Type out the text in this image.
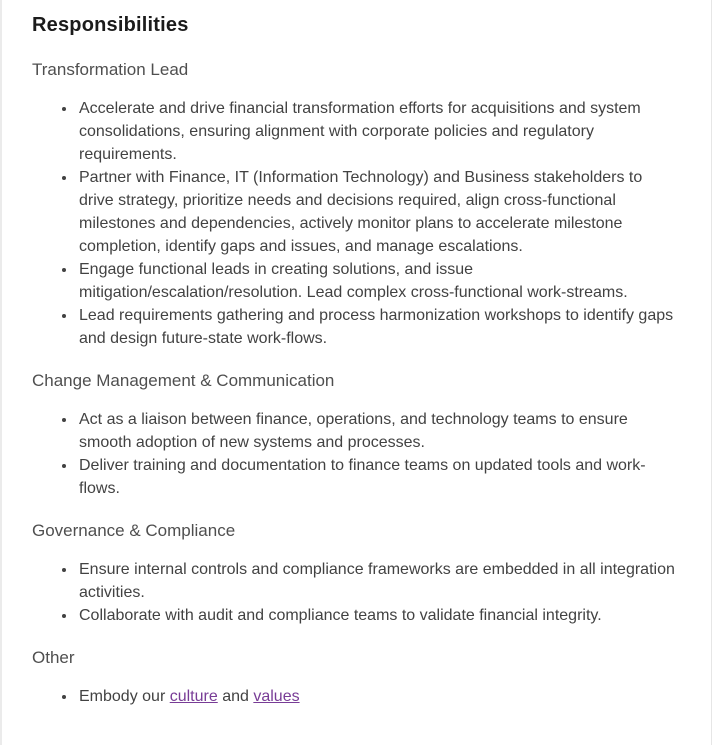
Responsibilities

Transformation Lead

• Accelerate and drive financial transformation efforts for acquisitions and system consolidations, ensuring alignment with corporate policies and regulatory requirements.
• Partner with Finance, IT (Information Technology) and Business stakeholders to drive strategy, prioritize needs and decisions required, align cross-functional milestones and dependencies, actively monitor plans to accelerate milestone completion, identify gaps and issues, and manage escalations.
• Engage functional leads in creating solutions, and issue mitigation/escalation/resolution. Lead complex cross-functional work-streams.
• Lead requirements gathering and process harmonization workshops to identify gaps and design future-state work-flows.

Change Management & Communication

• Act as a liaison between finance, operations, and technology teams to ensure smooth adoption of new systems and processes.
• Deliver training and documentation to finance teams on updated tools and work-flows.

Governance & Compliance

• Ensure internal controls and compliance frameworks are embedded in all integration activities.
• Collaborate with audit and compliance teams to validate financial integrity.

Other

• Embody our culture and values
